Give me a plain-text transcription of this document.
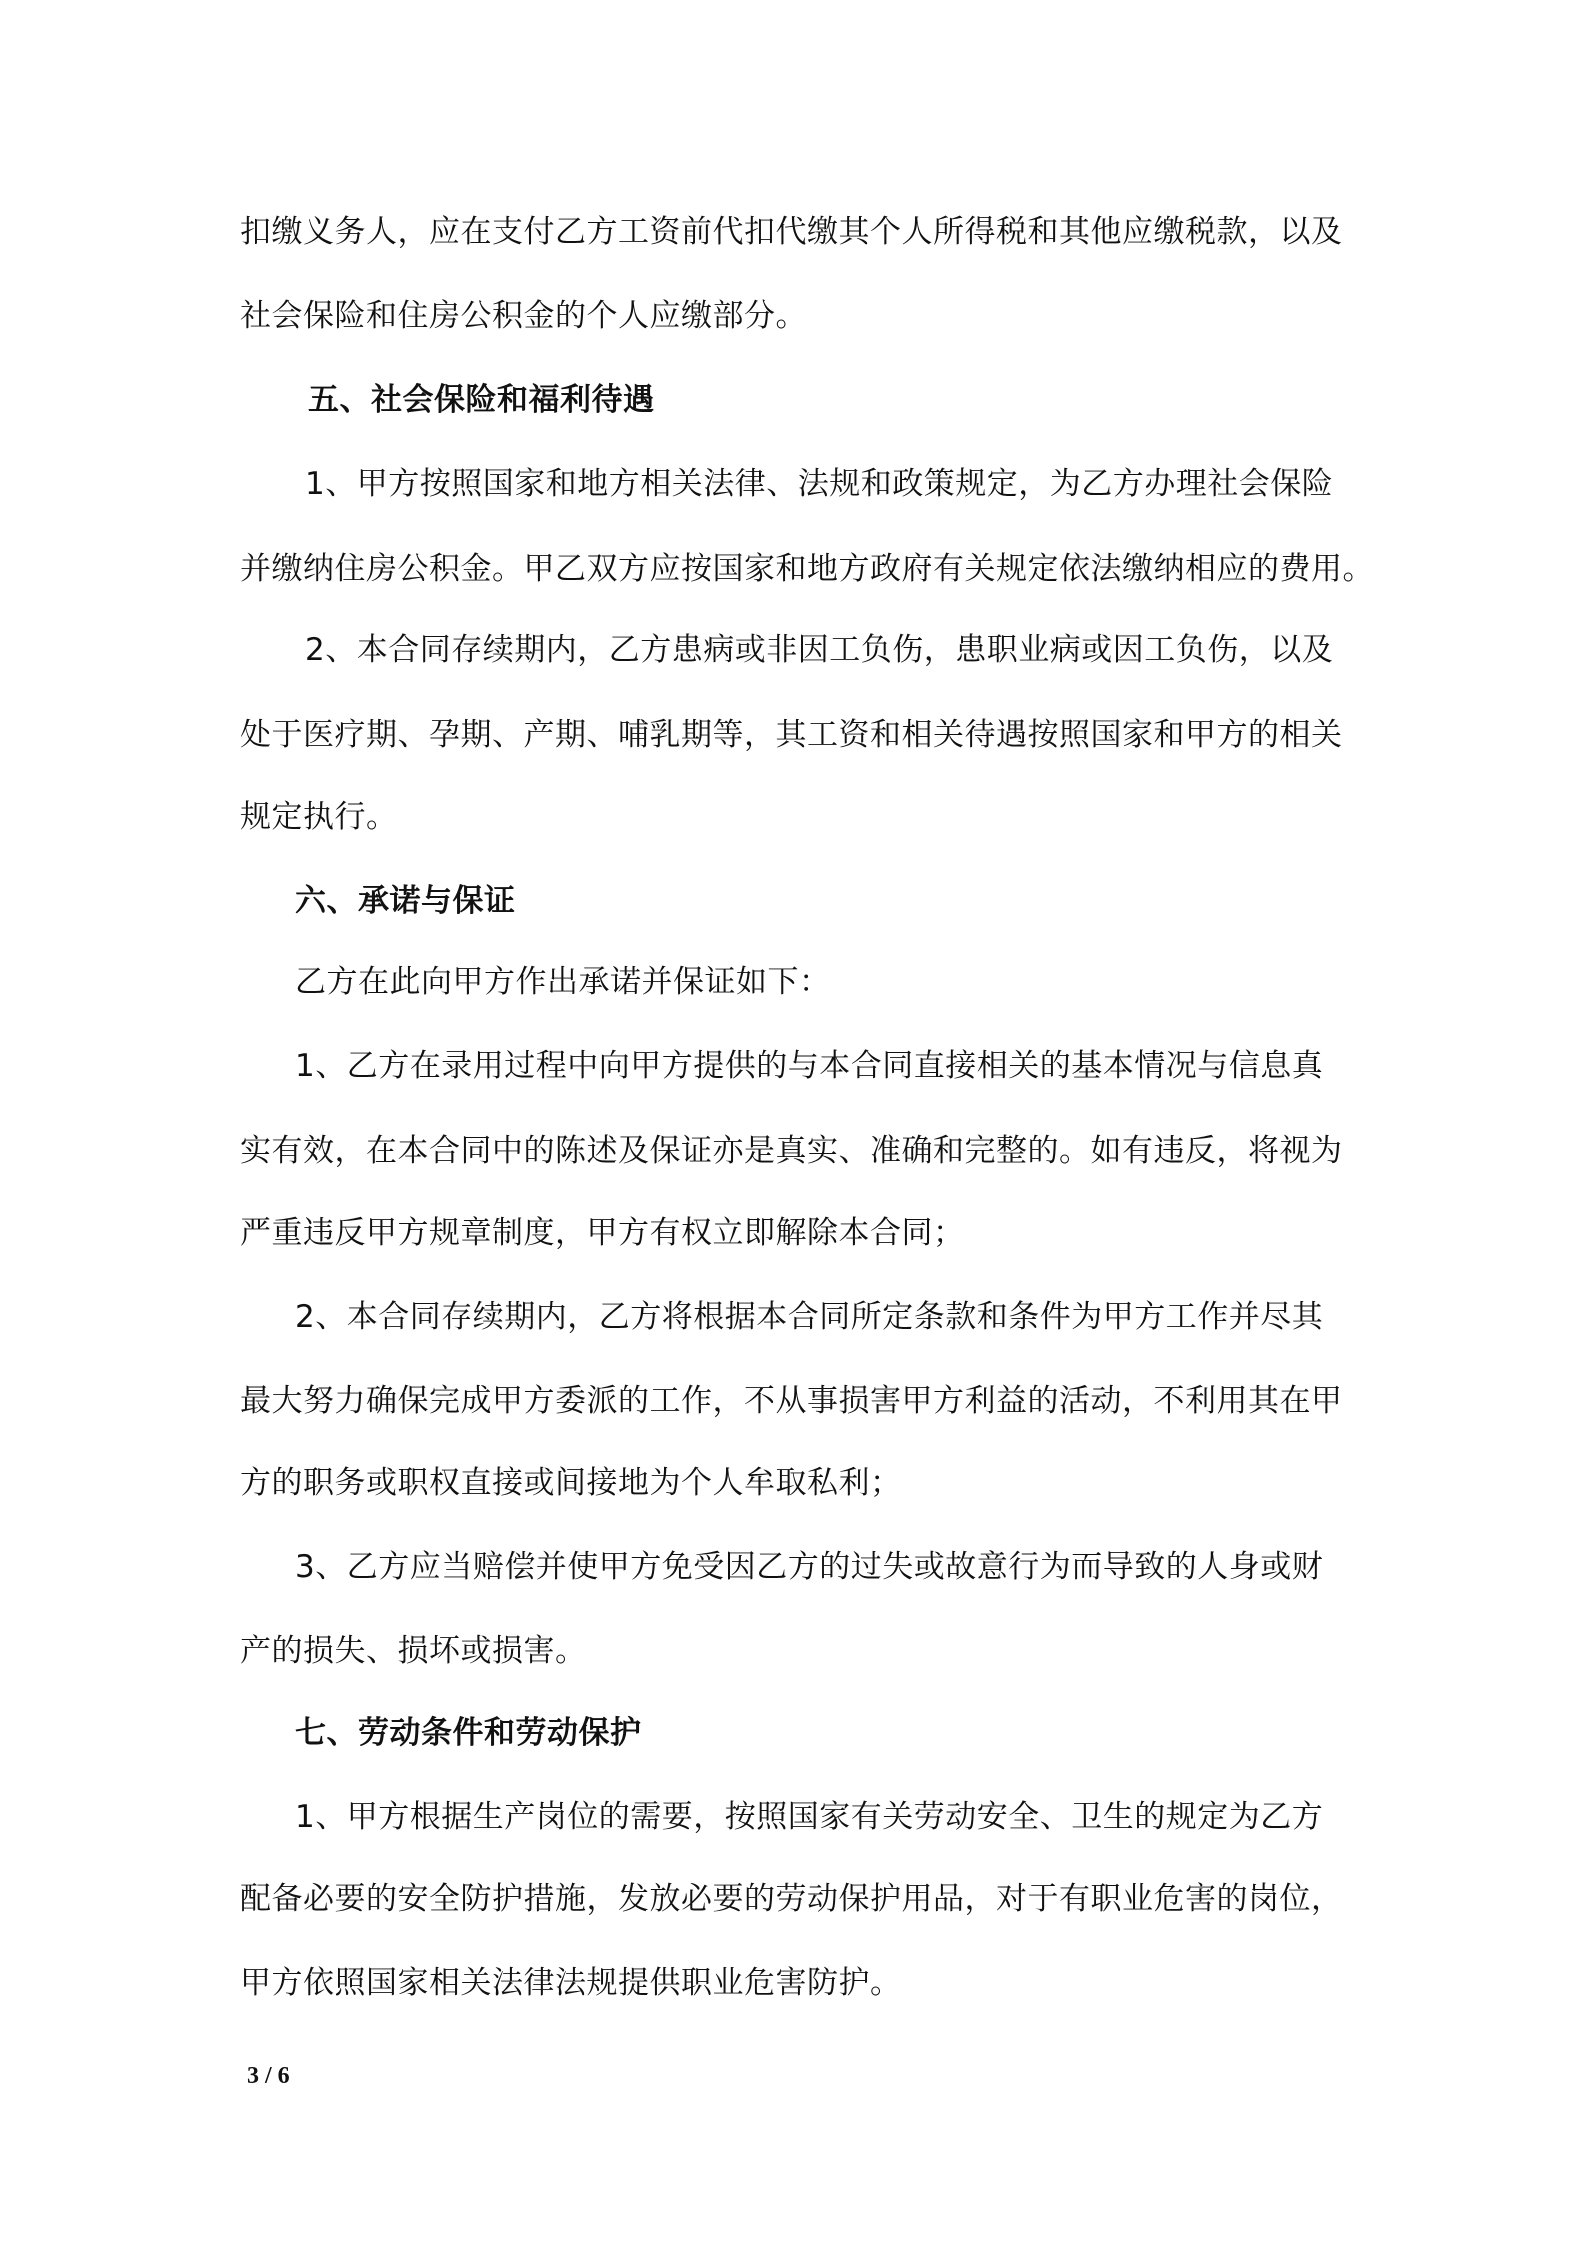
扣缴义务人，应在支付乙方工资前代扣代缴其个人所得税和其他应缴税款，以及
社会保险和住房公积金的个人应缴部分。
五、社会保险和福利待遇
1、甲方按照国家和地方相关法律、法规和政策规定，为乙方办理社会保险
并缴纳住房公积金。甲乙双方应按国家和地方政府有关规定依法缴纳相应的费用。
2、本合同存续期内，乙方患病或非因工负伤，患职业病或因工负伤，以及
处于医疗期、孕期、产期、哺乳期等，其工资和相关待遇按照国家和甲方的相关
规定执行。
六、承诺与保证
乙方在此向甲方作出承诺并保证如下：
1、乙方在录用过程中向甲方提供的与本合同直接相关的基本情况与信息真
实有效，在本合同中的陈述及保证亦是真实、准确和完整的。如有违反，将视为
严重违反甲方规章制度，甲方有权立即解除本合同；
2、本合同存续期内，乙方将根据本合同所定条款和条件为甲方工作并尽其
最大努力确保完成甲方委派的工作，不从事损害甲方利益的活动，不利用其在甲
方的职务或职权直接或间接地为个人牟取私利；
3、乙方应当赔偿并使甲方免受因乙方的过失或故意行为而导致的人身或财
产的损失、损坏或损害。
七、劳动条件和劳动保护
1、甲方根据生产岗位的需要，按照国家有关劳动安全、卫生的规定为乙方
配备必要的安全防护措施，发放必要的劳动保护用品，对于有职业危害的岗位，
甲方依照国家相关法律法规提供职业危害防护。
3 / 6
